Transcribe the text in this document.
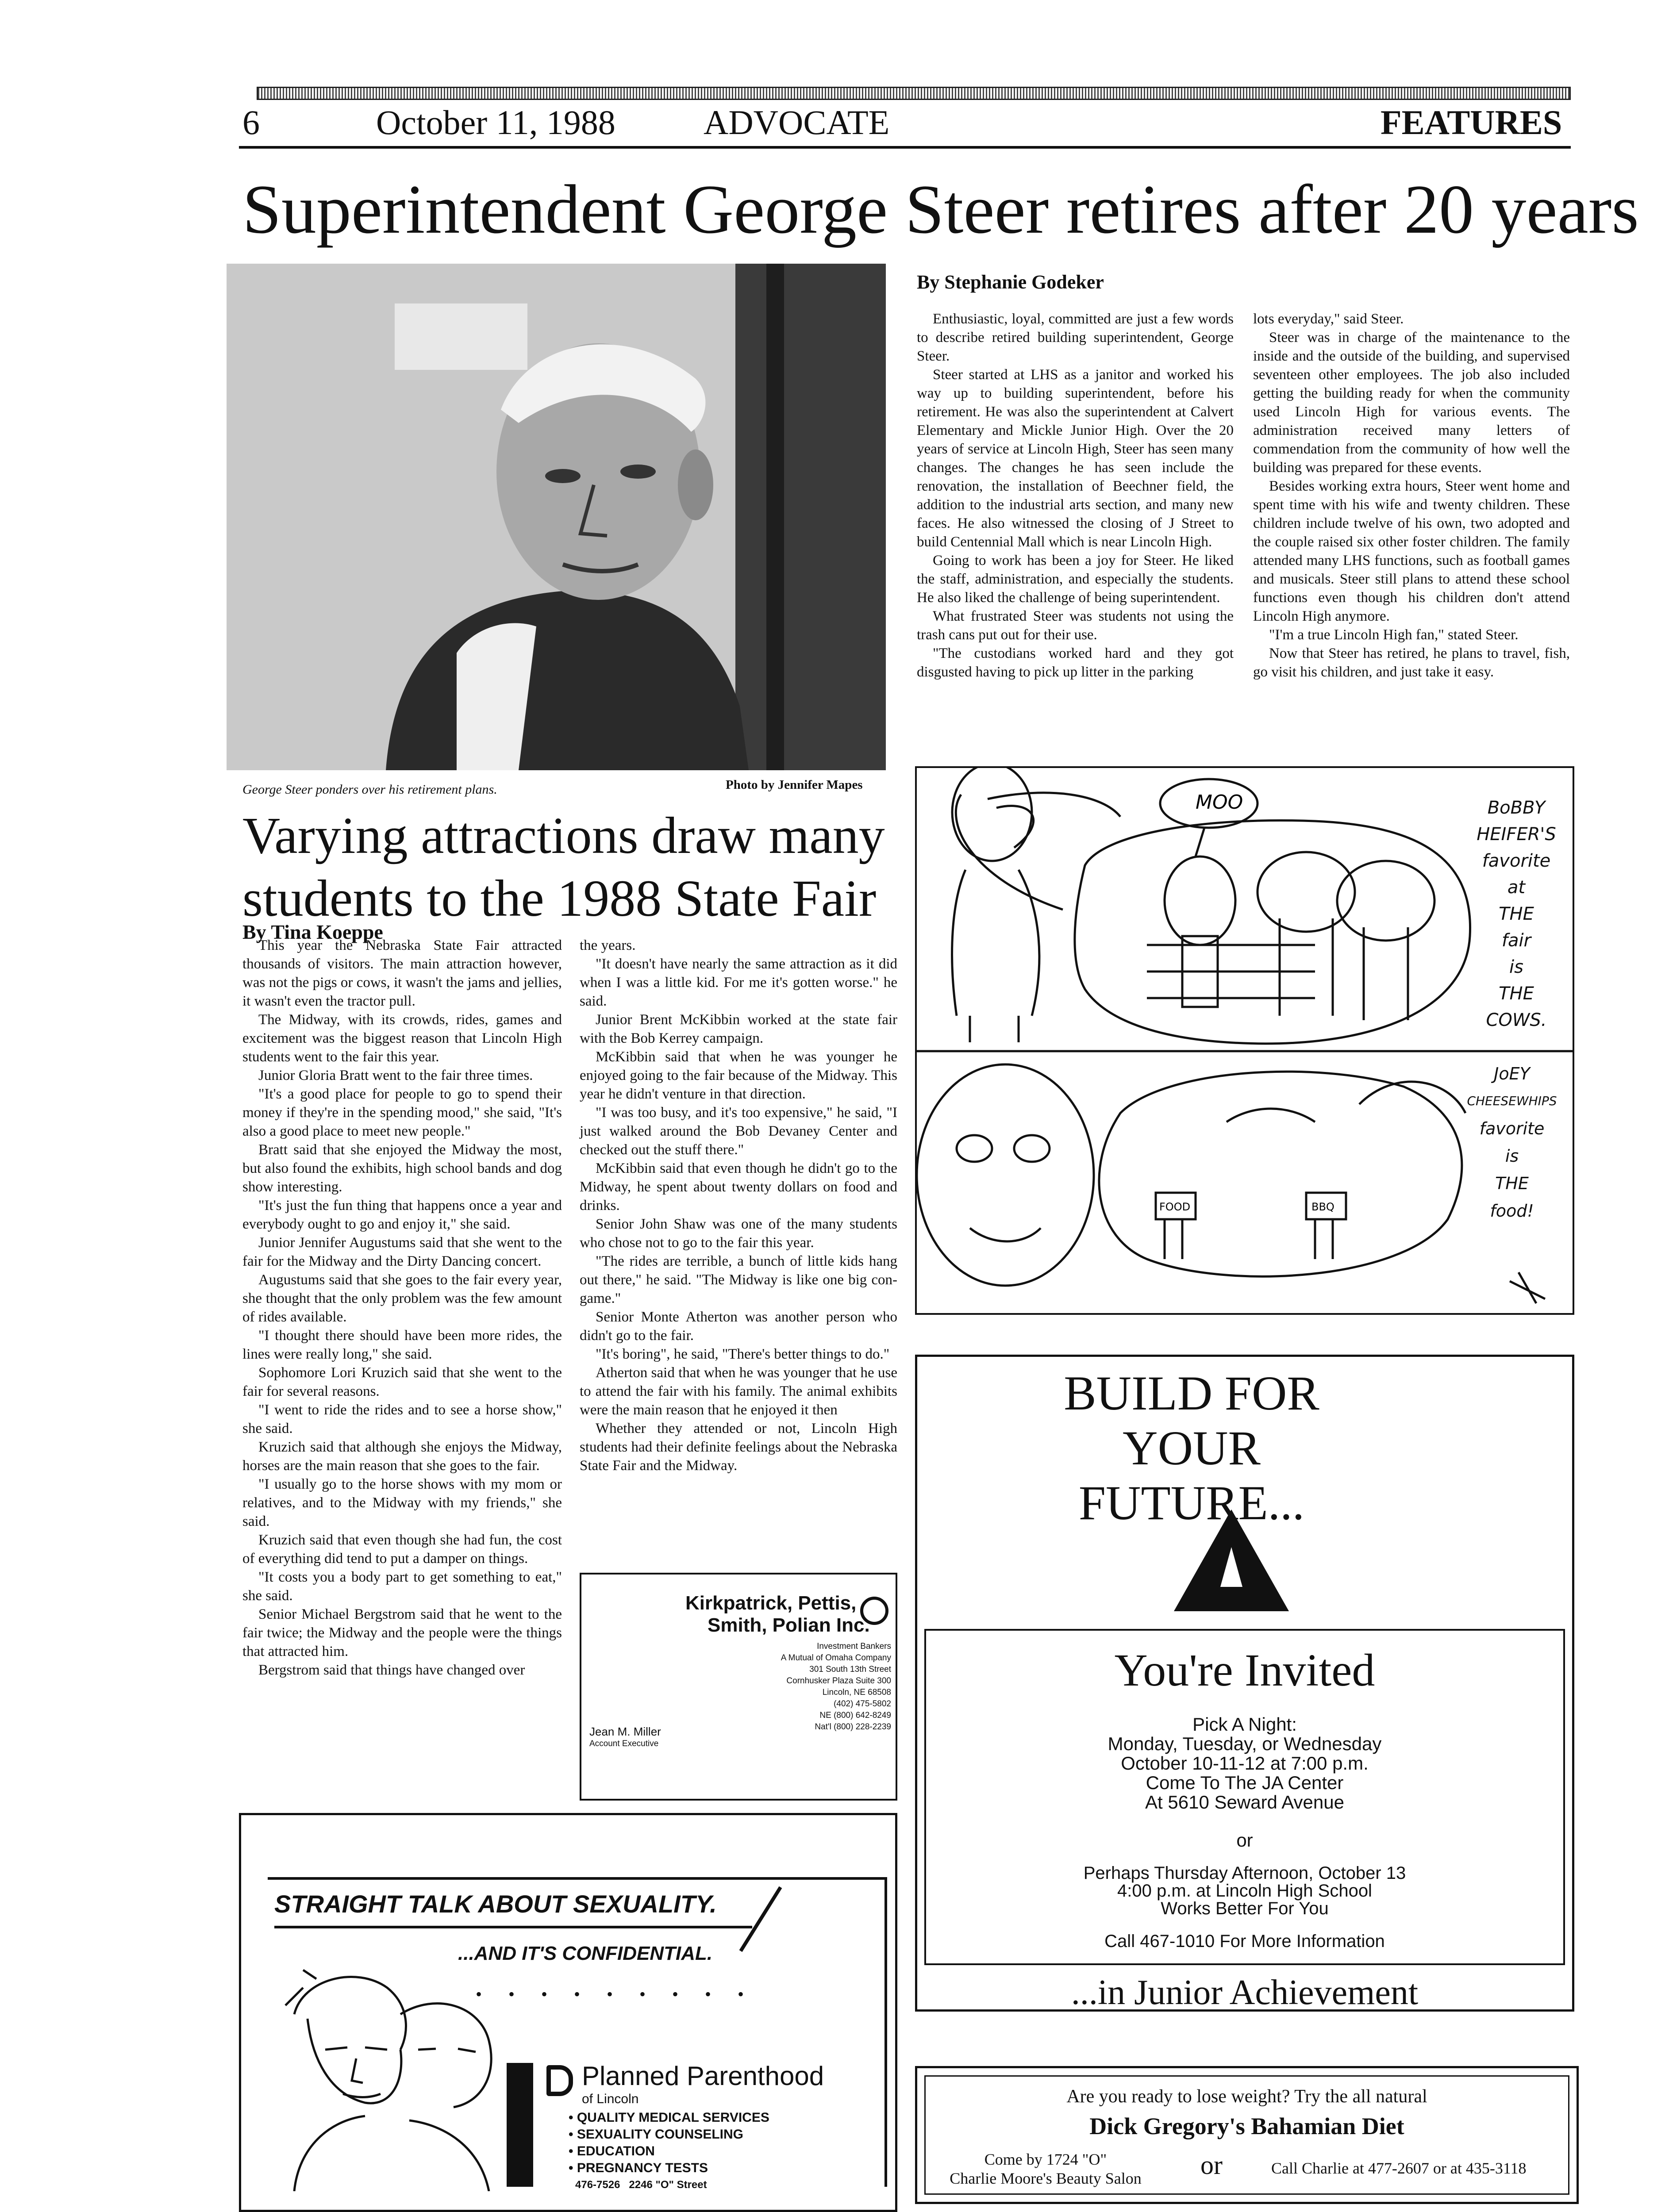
6	October 11, 1988	ADVOCATE	FEATURES
Superintendent George Steer retires after 20 years
George Steer ponders over his retirement plans.	Photo by Jennifer Mapes
By Stephanie Godeker

Enthusiastic, loyal, committed are just a few words to describe retired building superintendent, George Steer.

Steer started at LHS as a janitor and worked his way up to building superintendent, before his retirement. He was also the superintendent at Calvert Elementary and Mickle Junior High. Over the 20 years of service at Lincoln High, Steer has seen many changes. The changes he has seen include the renovation, the installation of Beechner field, the addition to the industrial arts section, and many new faces. He also witnessed the closing of J Street to build Centennial Mall which is near Lincoln High.

Going to work has been a joy for Steer. He liked the staff, administration, and especially the students. He also liked the challenge of being superintendent.

What frustrated Steer was students not using the trash cans put out for their use.

"The custodians worked hard and they got disgusted having to pick up litter in the parking

lots everyday," said Steer.

Steer was in charge of the maintenance to the inside and the outside of the building, and supervised seventeen other employees. The job also included getting the building ready for when the community used Lincoln High for various events. The administration received many letters of commendation from the community of how well the building was prepared for these events.

Besides working extra hours, Steer went home and spent time with his wife and twenty children. These children include twelve of his own, two adopted and the couple raised six other foster children. The family attended many LHS functions, such as football games and musicals. Steer still plans to attend these school functions even though his children don't attend Lincoln High anymore.

"I'm a true Lincoln High fan," stated Steer.

Now that Steer has retired, he plans to travel, fish, go visit his children, and just take it easy.

Varying attractions draw many students to the 1988 State Fair
By Tina Koeppe

This year the Nebraska State Fair attracted thousands of visitors. The main attraction however, was not the pigs or cows, it wasn't the jams and jellies, it wasn't even the tractor pull.

The Midway, with its crowds, rides, games and excitement was the biggest reason that Lincoln High students went to the fair this year.

Junior Gloria Bratt went to the fair three times.

"It's a good place for people to go to spend their money if they're in the spending mood," she said, "It's also a good place to meet new people."

Bratt said that she enjoyed the Midway the most, but also found the exhibits, high school bands and dog show interesting.

"It's just the fun thing that happens once a year and everybody ought to go and enjoy it," she said.

Junior Jennifer Augustums said that she went to the fair for the Midway and the Dirty Dancing concert.

Augustums said that she goes to the fair every year, she thought that the only problem was the few amount of rides available.

"I thought there should have been more rides, the lines were really long," she said.

Sophomore Lori Kruzich said that she went to the fair for several reasons.

"I went to ride the rides and to see a horse show," she said.

Kruzich said that although she enjoys the Midway, horses are the main reason that she goes to the fair.

"I usually go to the horse shows with my mom or relatives, and to the Midway with my friends," she said.

Kruzich said that even though she had fun, the cost of everything did tend to put a damper on things.

"It costs you a body part to get something to eat," she said.

Senior Michael Bergstrom said that he went to the fair twice; the Midway and the people were the things that attracted him.

Bergstrom said that things have changed over

the years.

"It doesn't have nearly the same attraction as it did when I was a little kid. For me it's gotten worse." he said.

Junior Brent McKibbin worked at the state fair with the Bob Kerrey campaign.

McKibbin said that when he was younger he enjoyed going to the fair because of the Midway. This year he didn't venture in that direction.

"I was too busy, and it's too expensive," he said, "I just walked around the Bob Devaney Center and checked out the stuff there."

McKibbin said that even though he didn't go to the Midway, he spent about twenty dollars on food and drinks.

Senior John Shaw was one of the many students who chose not to go to the fair this year.

"The rides are terrible, a bunch of little kids hang out there," he said. "The Midway is like one big con-game."

Senior Monte Atherton was another person who didn't go to the fair.

"It's boring", he said, "There's better things to do."

Atherton said that when he was younger that he use to attend the fair with his family. The animal exhibits were the main reason that he enjoyed it then

Whether they attended or not, Lincoln High students had their definite feelings about the Nebraska State Fair and the Midway.

Kirkpatrick, Pettis,
Smith, Polian Inc.
Investment Bankers
A Mutual of Omaha Company
301 South 13th Street
Cornhusker Plaza Suite 300
Lincoln, NE 68508
(402) 475-5802
NE (800) 642-8249
Nat'l (800) 228-2239
Jean M. Miller
Account Executive
MOO
FOOD	BBQ
BoBBY
HEIFER'S
favorite
at
THE
fair
is
THE
COWS.
JoEY
CHEESEWHIPS
favorite
is
THE
food!
BUILD FOR YOUR FUTURE...
You're Invited
Pick A Night:
Monday, Tuesday, or Wednesday
October 10-11-12 at 7:00 p.m.
Come To The JA Center
At 5610 Seward Avenue
or
Perhaps Thursday Afternoon, October 13
4:00 p.m. at Lincoln High School
Works Better For You
Call 467-1010 For More Information
...in Junior Achievement
STRAIGHT TALK ABOUT SEXUALITY.
...AND IT'S CONFIDENTIAL.
•••••••••
Planned Parenthood
of Lincoln
• QUALITY MEDICAL SERVICES
• SEXUALITY COUNSELING
• EDUCATION
• PREGNANCY TESTS
476-7526   2246 "O" Street
Are you ready to lose weight? Try the all natural
Dick Gregory's Bahamian Diet
Come by 1724 "O"
Charlie Moore's Beauty Salon	or	Call Charlie at 477-2607 or at 435-3118
